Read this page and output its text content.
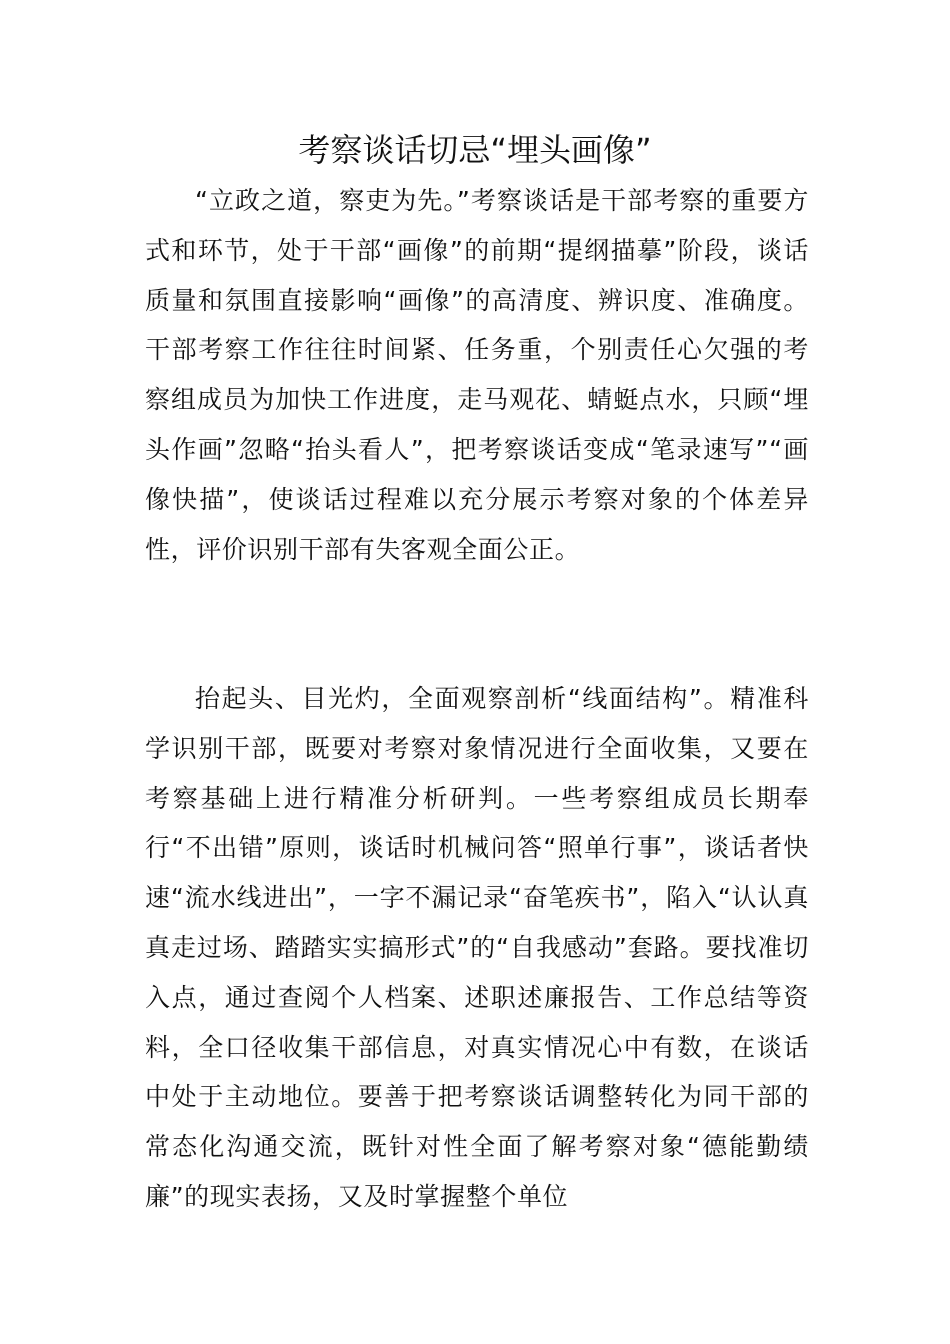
考察谈话切忌“埋头画像”

“立政之道，察吏为先。”考察谈话是干部考察的重要方式和环节，处于干部“画像”的前期“提纲描摹”阶段，谈话质量和氛围直接影响“画像”的高清度、辨识度、准确度。干部考察工作往往时间紧、任务重，个别责任心欠强的考察组成员为加快工作进度，走马观花、蜻蜓点水，只顾“埋头作画”忽略“抬头看人”，把考察谈话变成“笔录速写”“画像快描”，使谈话过程难以充分展示考察对象的个体差异性，评价识别干部有失客观全面公正。

抬起头、目光灼，全面观察剖析“线面结构”。精准科学识别干部，既要对考察对象情况进行全面收集，又要在考察基础上进行精准分析研判。一些考察组成员长期奉行“不出错”原则，谈话时机械问答“照单行事”，谈话者快速“流水线进出”，一字不漏记录“奋笔疾书”，陷入“认认真真走过场、踏踏实实搞形式”的“自我感动”套路。要找准切入点，通过查阅个人档案、述职述廉报告、工作总结等资料，全口径收集干部信息，对真实情况心中有数，在谈话中处于主动地位。要善于把考察谈话调整转化为同干部的常态化沟通交流，既针对性全面了解考察对象“德能勤绩廉”的现实表扬，又及时掌握整个单位
